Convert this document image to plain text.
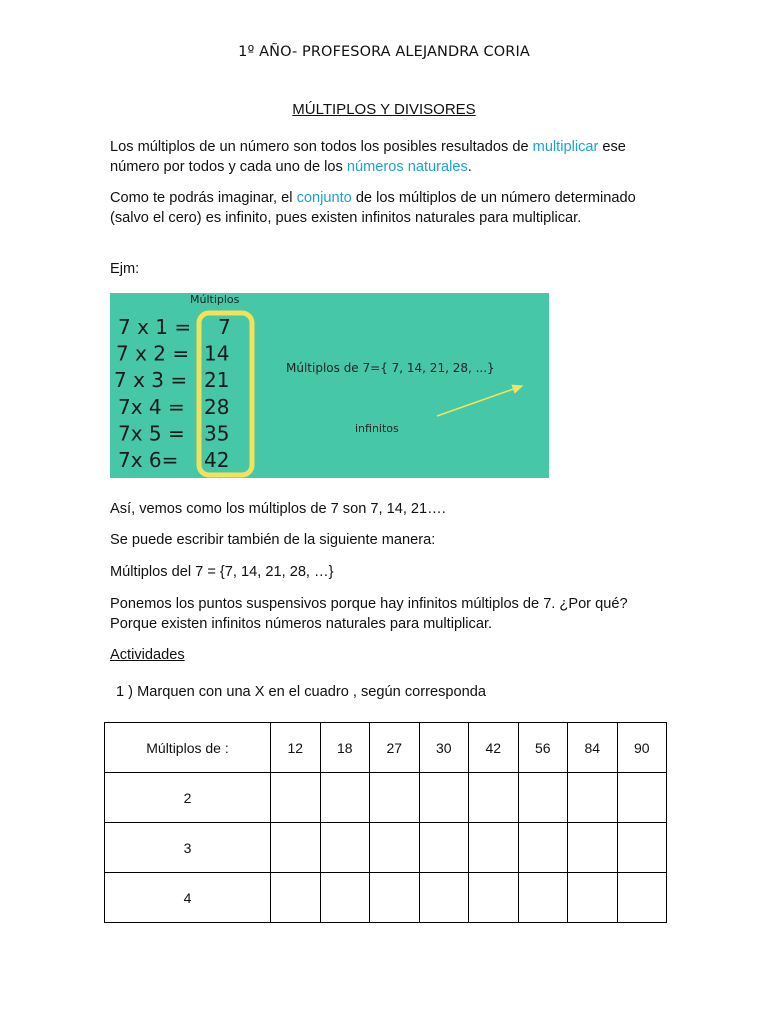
1º AÑO- PROFESORA ALEJANDRA CORIA
MÚLTIPLOS Y DIVISORES

Los múltiplos de un número son todos los posibles resultados de multiplicar ese número por todos y cada uno de los números naturales.

Como te podrás imaginar, el conjunto de los múltiplos de un número determinado (salvo el cero) es infinito, pues existen infinitos naturales para multiplicar.

Ejm:

Múltiplos
7 x 1 = 7
7 x 2 = 14
7 x 3 = 21
7x 4 = 28
7x 5 = 35
7x 6= 42
Múltiplos de 7={ 7, 14, 21, 28, ...}
infinitos

Así, vemos como los múltiplos de 7 son 7, 14, 21….

Se puede escribir también de la siguiente manera:

Múltiplos del 7 = {7, 14, 21, 28, …}

Ponemos los puntos suspensivos porque hay infinitos múltiplos de 7. ¿Por qué? Porque existen infinitos números naturales para multiplicar.

Actividades
1 ) Marquen con una X en el cuadro , según corresponda
Múltiplos de :	12	18	27	30	42	56	84	90
2								
3								
4								
